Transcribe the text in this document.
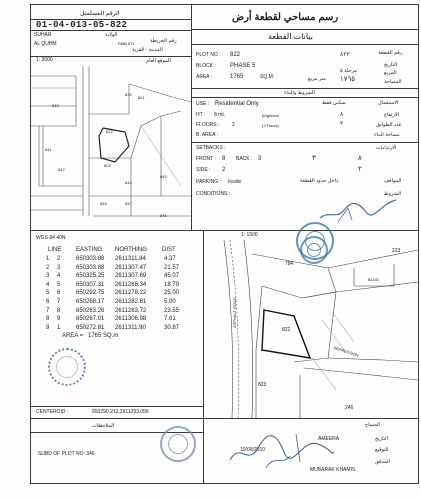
الرقم المسلسل
01-04-013-05-822
SUHAR	الولاية
RMB 671	رقم الخريطة
AL QUHM
المدينة - القرية
الموقع العام
1: 3000
822
821
823
843
841
833
842
844
845
846	847
846
رسم مساحي لقطعة أرض
بيانات القطعة
PLOT NO : 822	٨٢٢	رقم القطعة
التاريخ
BLOCK : PHASE 5
مرحلة ٥	المربع
AREA :	1765	SQ.M.	متر مربع ١٧٦٥	المساحة
الشروط والبناء
USE : Residential Only	سكني فقط	الاستعمال
HT : 8 mt.	(Eighteen	٨	الارتفاع
FLOORS :	2	(2 Floors)	٢	عدد الطوابق
B. AREA :	مساحة البناء
SETBACKS :	الارتدادات
FRONT : 8 BACK : 3	٣	٨
SIDE : 2	٢
PARKING : Inside	داخل حدود القطعة	المواقف
CONDITIONS :	الشروط
WGS 84 40N
LINE EASTING NORTHING	DIST
1 2	650303.88 2611311.84	4.37
2 3	650303.88 2611307.47	21.57
3 4	650325.25 2611307.69	45.07
4 5	650307.31 2611268.34	18.79
5 6	650292.75 2611278.22	25.00
6 7	650268.17 2611282.81	5.00
7 8	650263.26 2611283.72	23.55
8 9	650267.01 2611306.98	7.61
9 1	650272.81 2611311.90	30.87
AREA = 1765 SQ.m
CENTEROID :	650290.212,2611293.056
1: 1500
822
823
784
223
246
BLDG
DEPRESSION
ASPHALT ROAD
الملاحظات
SUBD OF PLOT NO: 346
المساح
AMEERA	التاريخ
10/09/2010	التوقيع
المدقق
MUBARAK KHAMIS
